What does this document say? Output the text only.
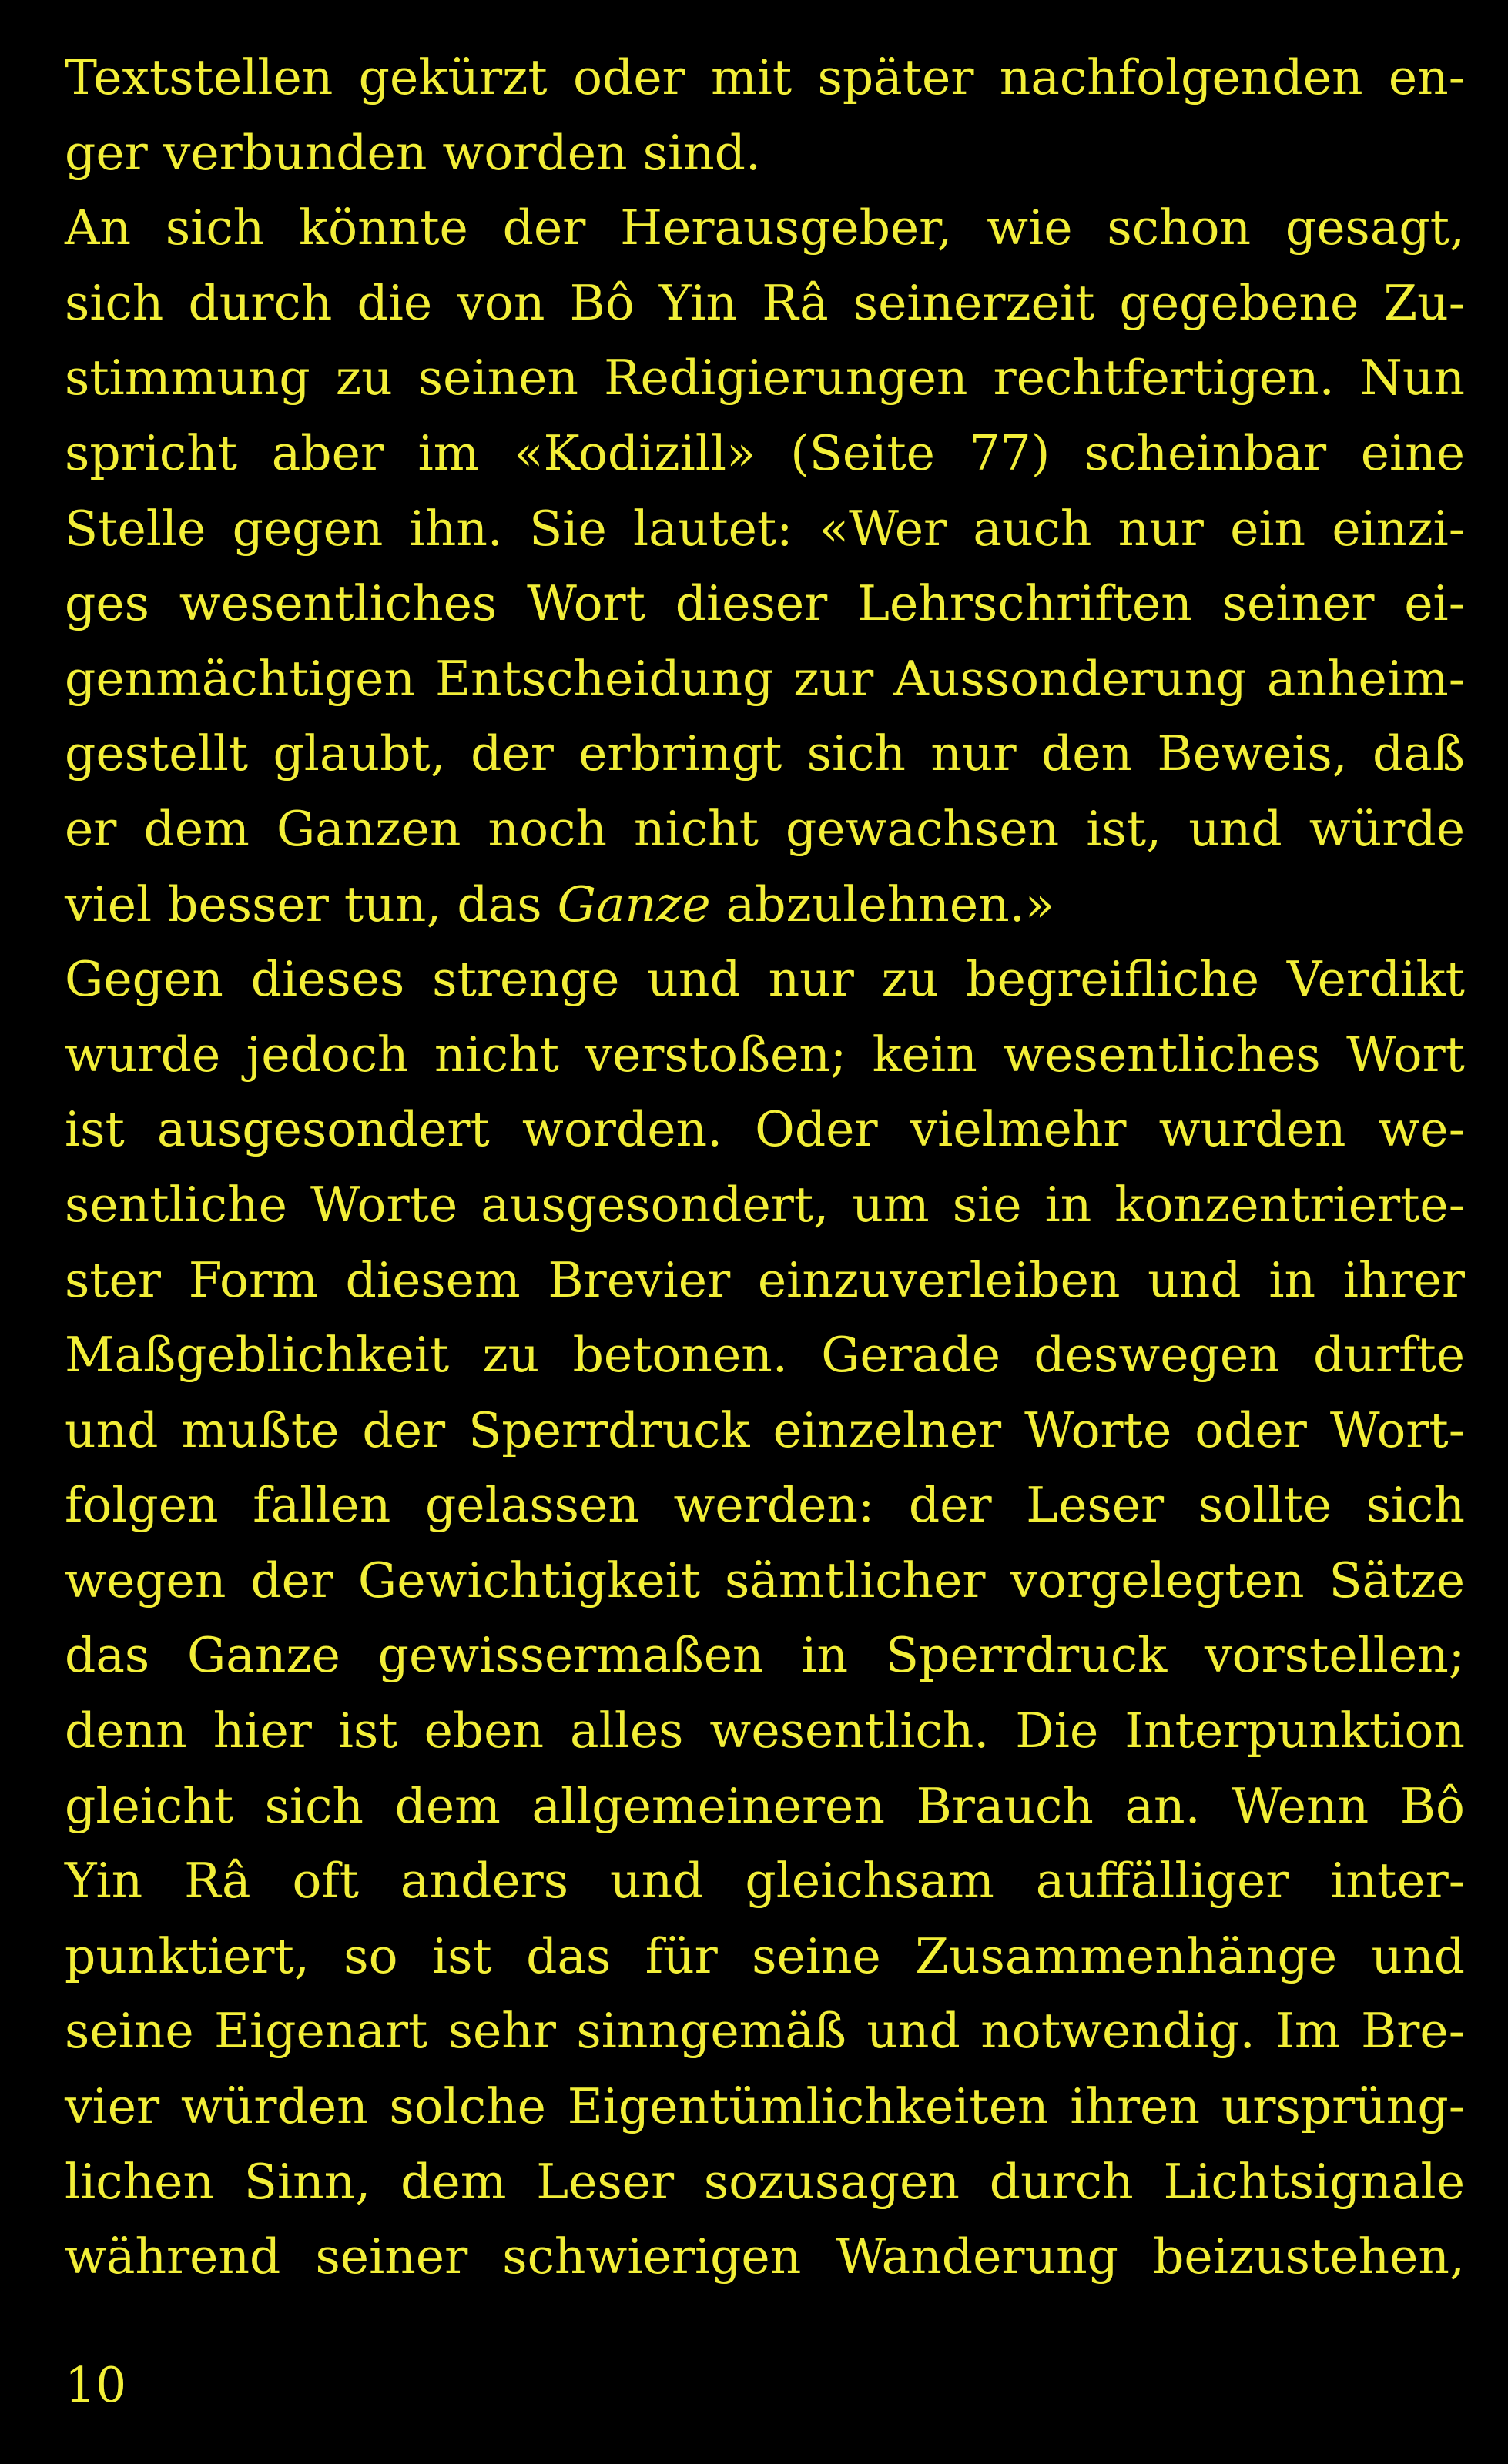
Textstellen gekürzt oder mit später nachfolgenden en-
ger verbunden worden sind.
An sich könnte der Herausgeber, wie schon gesagt,
sich durch die von Bô Yin Râ seinerzeit gegebene Zu-
stimmung zu seinen Redigierungen rechtfertigen. Nun
spricht aber im «Kodizill» (Seite 77) scheinbar eine
Stelle gegen ihn. Sie lautet: «Wer auch nur ein einzi-
ges wesentliches Wort dieser Lehrschriften seiner ei-
genmächtigen Entscheidung zur Aussonderung anheim-
gestellt glaubt, der erbringt sich nur den Beweis, daß
er dem Ganzen noch nicht gewachsen ist, und würde
viel besser tun, das Ganze abzulehnen.»
Gegen dieses strenge und nur zu begreifliche Verdikt
wurde jedoch nicht verstoßen; kein wesentliches Wort
ist ausgesondert worden. Oder vielmehr wurden we-
sentliche Worte ausgesondert, um sie in konzentrierte-
ster Form diesem Brevier einzuverleiben und in ihrer
Maßgeblichkeit zu betonen. Gerade deswegen durfte
und mußte der Sperrdruck einzelner Worte oder Wort-
folgen fallen gelassen werden: der Leser sollte sich
wegen der Gewichtigkeit sämtlicher vorgelegten Sätze
das Ganze gewissermaßen in Sperrdruck vorstellen;
denn hier ist eben alles wesentlich. Die Interpunktion
gleicht sich dem allgemeineren Brauch an. Wenn Bô
Yin Râ oft anders und gleichsam auffälliger inter-
punktiert, so ist das für seine Zusammenhänge und
seine Eigenart sehr sinngemäß und notwendig. Im Bre-
vier würden solche Eigentümlichkeiten ihren ursprüng-
lichen Sinn, dem Leser sozusagen durch Lichtsignale
während seiner schwierigen Wanderung beizustehen,
10
